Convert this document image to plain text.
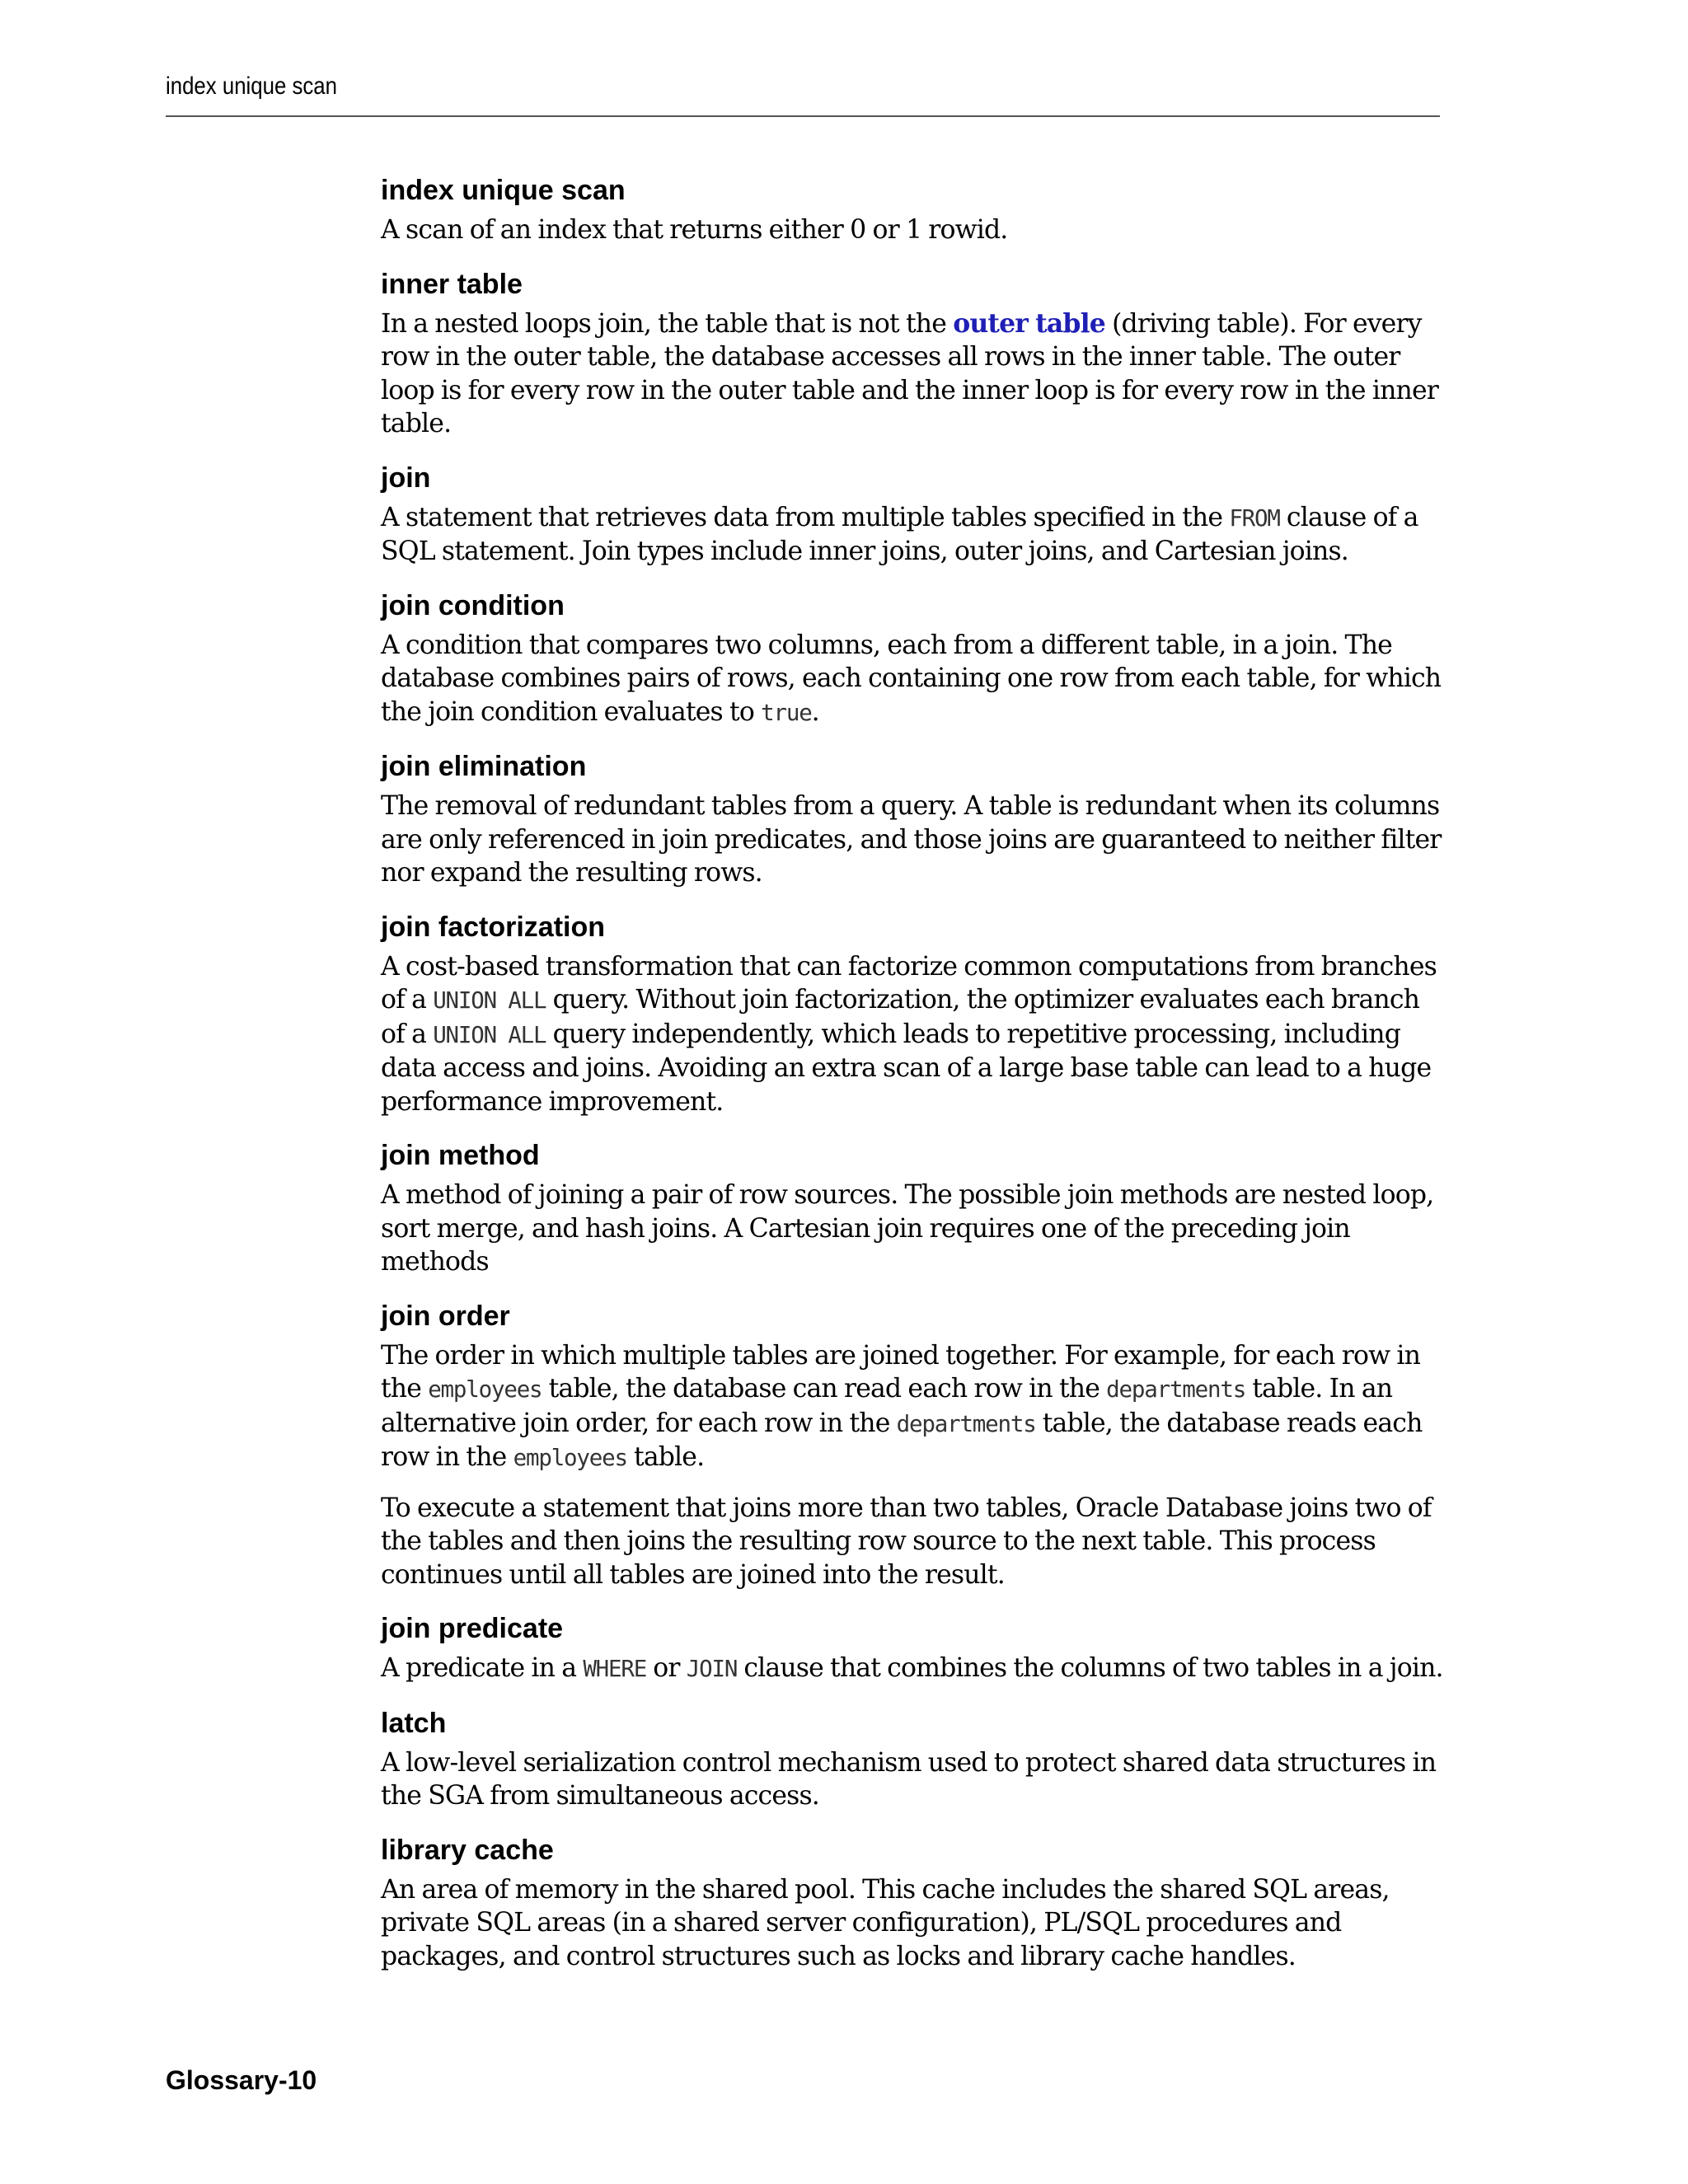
index unique scan
index unique scan

A scan of an index that returns either 0 or 1 rowid.

inner table

In a nested loops join, the table that is not the outer table (driving table). For every row in the outer table, the database accesses all rows in the inner table. The outer loop is for every row in the outer table and the inner loop is for every row in the inner table.

join

A statement that retrieves data from multiple tables specified in the FROM clause of a SQL statement. Join types include inner joins, outer joins, and Cartesian joins.

join condition

A condition that compares two columns, each from a different table, in a join. The database combines pairs of rows, each containing one row from each table, for which the join condition evaluates to true.

join elimination

The removal of redundant tables from a query. A table is redundant when its columns are only referenced in join predicates, and those joins are guaranteed to neither filter nor expand the resulting rows.

join factorization

A cost-based transformation that can factorize common computations from branches of a UNION ALL query. Without join factorization, the optimizer evaluates each branch of a UNION ALL query independently, which leads to repetitive processing, including data access and joins. Avoiding an extra scan of a large base table can lead to a huge performance improvement.

join method

A method of joining a pair of row sources. The possible join methods are nested loop, sort merge, and hash joins. A Cartesian join requires one of the preceding join methods

join order

The order in which multiple tables are joined together. For example, for each row in the employees table, the database can read each row in the departments table. In an alternative join order, for each row in the departments table, the database reads each row in the employees table.

To execute a statement that joins more than two tables, Oracle Database joins two of the tables and then joins the resulting row source to the next table. This process continues until all tables are joined into the result.

join predicate

A predicate in a WHERE or JOIN clause that combines the columns of two tables in a join.

latch

A low-level serialization control mechanism used to protect shared data structures in the SGA from simultaneous access.

library cache

An area of memory in the shared pool. This cache includes the shared SQL areas, private SQL areas (in a shared server configuration), PL/SQL procedures and packages, and control structures such as locks and library cache handles.

Glossary-10
